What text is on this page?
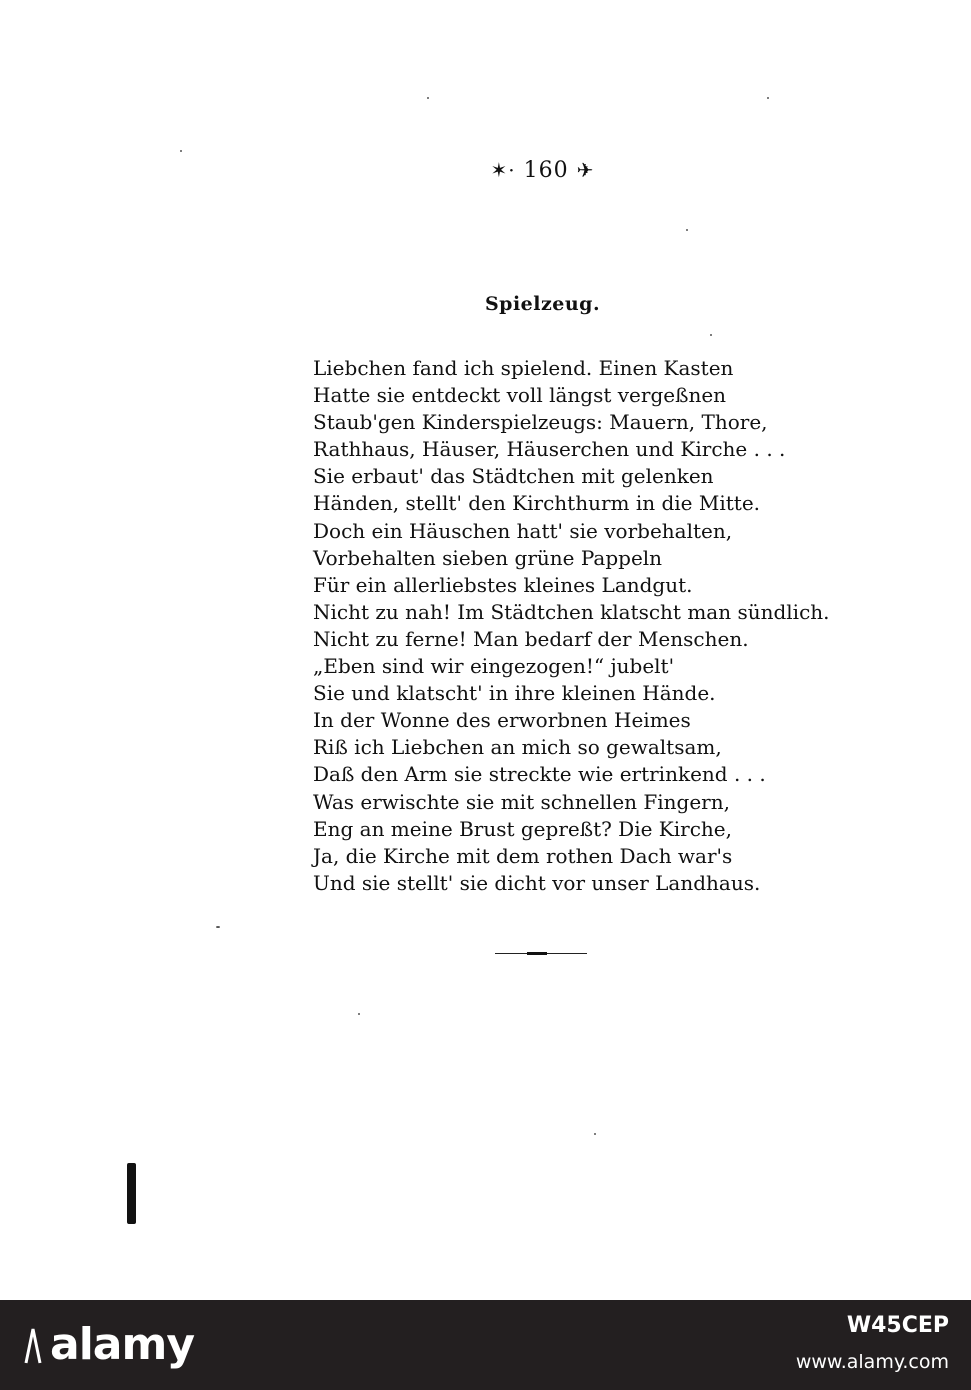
✶· 160 ✈
Spielzeug.
Liebchen fand ich spielend. Einen Kasten
Hatte sie entdeckt voll längst vergeßnen
Staub'gen Kinderspielzeugs: Mauern, Thore,
Rathhaus, Häuser, Häuserchen und Kirche . . .
Sie erbaut' das Städtchen mit gelenken
Händen, stellt' den Kirchthurm in die Mitte.
Doch ein Häuschen hatt' sie vorbehalten,
Vorbehalten sieben grüne Pappeln
Für ein allerliebstes kleines Landgut.
Nicht zu nah! Im Städtchen klatscht man sündlich.
Nicht zu ferne! Man bedarf der Menschen.
„Eben sind wir eingezogen!“ jubelt'
Sie und klatscht' in ihre kleinen Hände.
In der Wonne des erworbnen Heimes
Riß ich Liebchen an mich so gewaltsam,
Daß den Arm sie streckte wie ertrinkend . . .
Was erwischte sie mit schnellen Fingern,
Eng an meine Brust gepreßt? Die Kirche,
Ja, die Kirche mit dem rothen Dach war's
Und sie stellt' sie dicht vor unser Landhaus.
alamy	W45CEP
www.alamy.com
